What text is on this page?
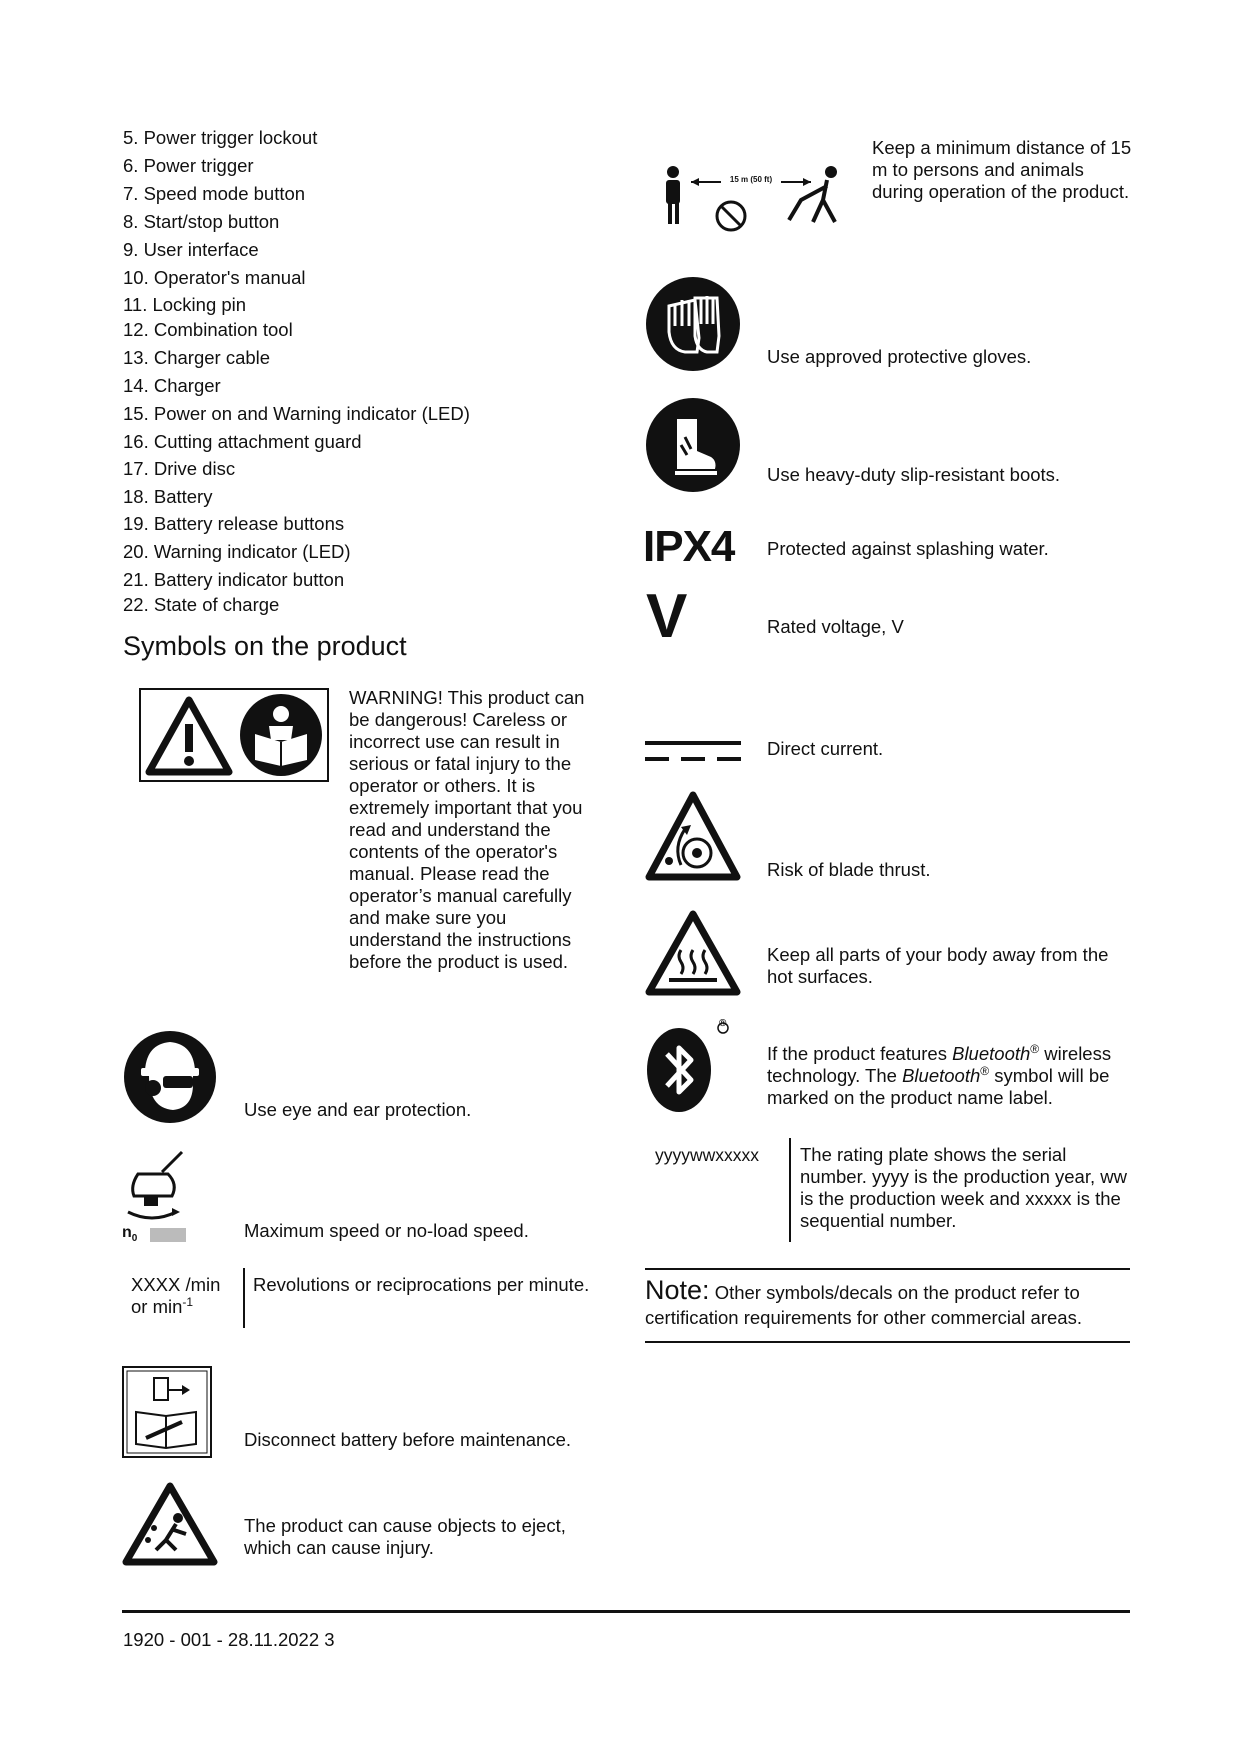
5. Power trigger lockout
6. Power trigger
7. Speed mode button
8. Start/stop button
9. User interface
10. Operator's manual
11. Locking pin
12. Combination tool
13. Charger cable
14. Charger
15. Power on and Warning indicator (LED)
16. Cutting attachment guard
17. Drive disc
18. Battery
19. Battery release buttons
20. Warning indicator (LED)
21. Battery indicator button
22. State of charge
Symbols on the product
WARNING! This product can be dangerous! Careless or incorrect use can result in serious or fatal injury to the operator or others. It is extremely important that you read and understand the contents of the operator's manual. Please read the operator’s manual carefully and make sure you understand the instructions before the product is used.
Use eye and ear protection.
$n_0$	Maximum speed or no-load speed.
XXXX /min
or $\min^{-1}$
Revolutions or reciprocations per minute.
Disconnect battery before maintenance.
The product can cause objects to eject, which can cause injury.
15 m (50 ft)
Keep a minimum distance of 15 m to persons and animals during operation of the product.
Use approved protective gloves.
Use heavy-duty slip-resistant boots.
IPX4 Protected against splashing water.
V	Rated voltage, V
Direct current.
Risk of blade thrust.
Keep all parts of your body away from the hot surfaces.
®
If the product features Bluetooth® wireless technology. The Bluetooth® symbol will be marked on the product name label.
yyyywwxxxxx The rating plate shows the serial number. yyyy is the production year, ww is the production week and xxxxx is the sequential number.
Note: Other symbols/decals on the product refer to certification requirements for other commercial areas.
1920 - 001 - 28.11.2022 3
